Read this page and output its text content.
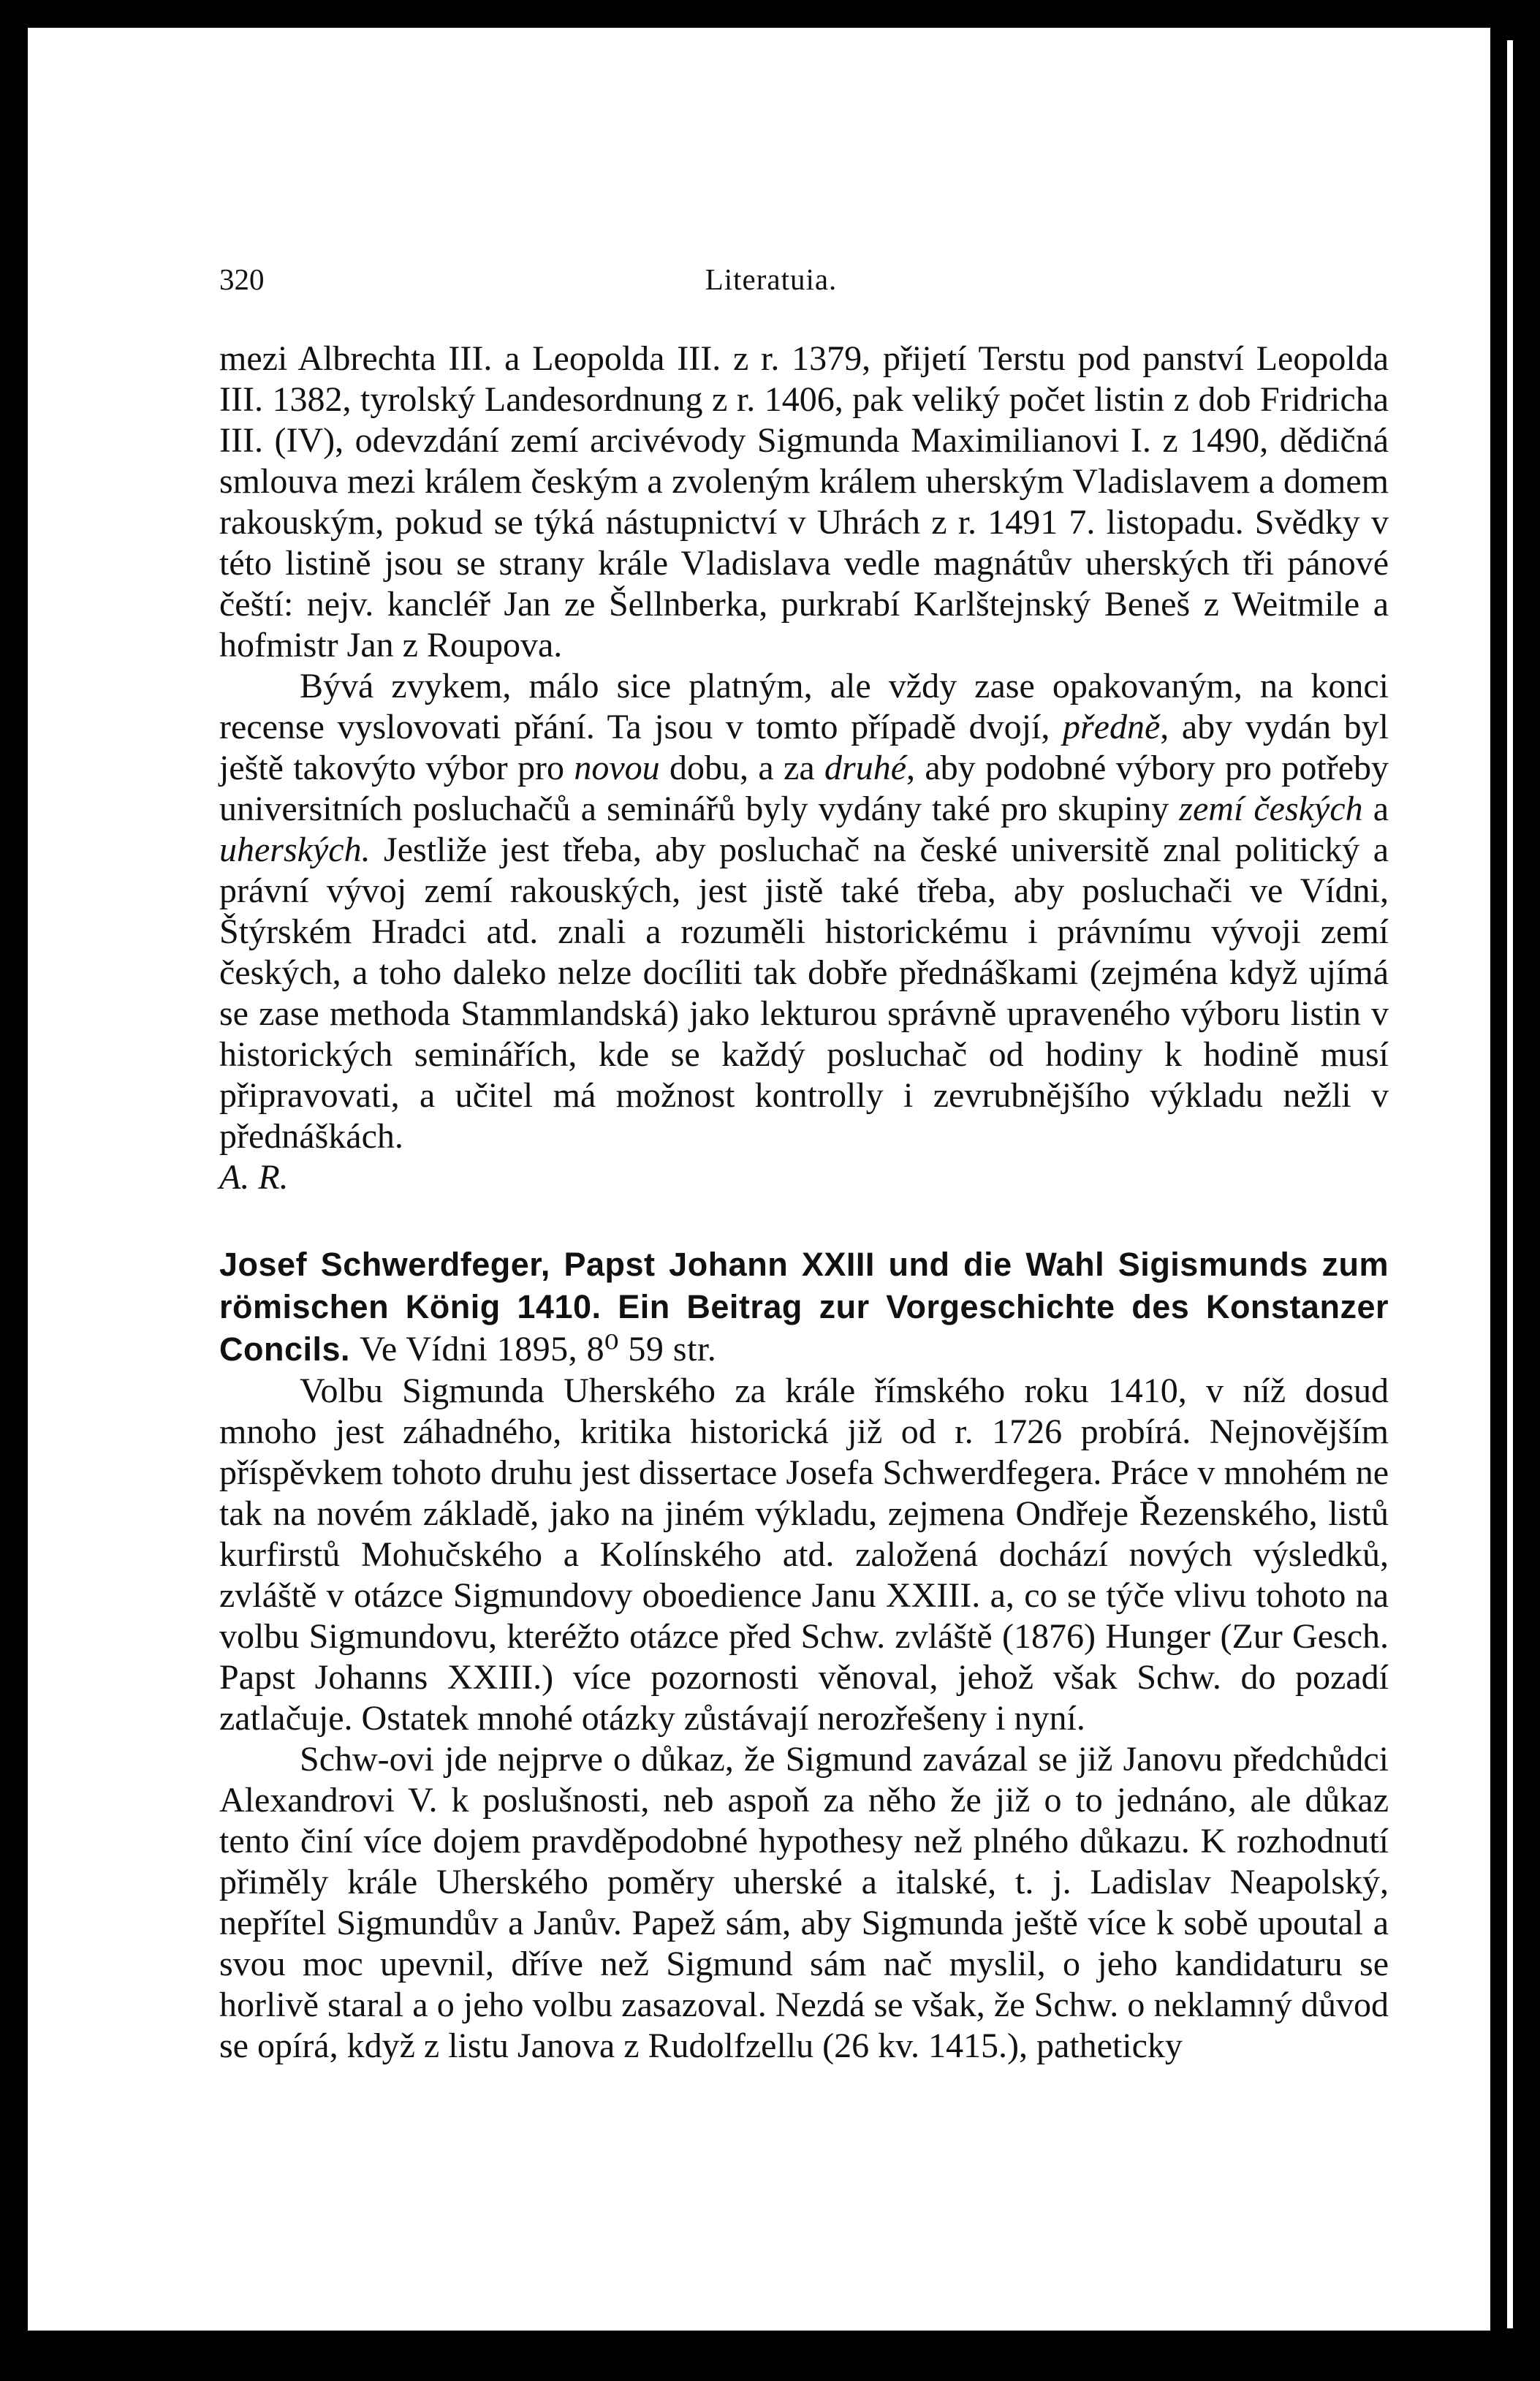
320	Literatuia.

mezi Albrechta III. a Leopolda III. z r. 1379, přijetí Terstu pod panství Leopolda III. 1382, tyrolský Landesordnung z r. 1406, pak veliký počet listin z dob Fridricha III. (IV), odevzdání zemí arcivévody Sigmunda Maximilianovi I. z 1490, dědičná smlouva mezi králem českým a zvoleným králem uherským Vladislavem a domem rakouským, pokud se týká nástupnictví v Uhrách z r. 1491 7. listopadu. Svědky v této listině jsou se strany krále Vladislava vedle magnátův uherských tři pánové čeští: nejv. kancléř Jan ze Šellnberka, purkrabí Karlštejnský Beneš z Weitmile a hofmistr Jan z Roupova.

Bývá zvykem, málo sice platným, ale vždy zase opakovaným, na konci recense vyslovovati přání. Ta jsou v tomto případě dvojí, předně, aby vydán byl ještě takovýto výbor pro novou dobu, a za druhé, aby podobné výbory pro potřeby universitních posluchačů a seminářů byly vydány také pro skupiny zemí českých a uherských. Jestliže jest třeba, aby posluchač na české universitě znal politický a právní vývoj zemí rakouských, jest jistě také třeba, aby posluchači ve Vídni, Štýrském Hradci atd. znali a rozuměli historickému i právnímu vývoji zemí českých, a toho daleko nelze docíliti tak dobře přednáškami (zejména když ujímá se zase methoda Stammlandská) jako lekturou správně upraveného výboru listin v historických seminářích, kde se každý posluchač od hodiny k hodině musí připravovati, a učitel má možnost kontrolly i zevrubnějšího výkladu nežli v přednáškách.

A. R.

Josef Schwerdfeger, Papst Johann XXIII und die Wahl Sigismunds zum römischen König 1410. Ein Beitrag zur Vorgeschichte des Konstanzer Concils. Ve Vídni 1895, 8⁰ 59 str.

Volbu Sigmunda Uherského za krále římského roku 1410, v níž dosud mnoho jest záhadného, kritika historická již od r. 1726 probírá. Nejnovějším příspěvkem tohoto druhu jest dissertace Josefa Schwerdfegera. Práce v mnohém ne tak na novém základě, jako na jiném výkladu, zejmena Ondřeje Řezenského, listů kurfirstů Mohučského a Kolínského atd. založená dochází nových výsledků, zvláště v otázce Sigmundovy oboedience Janu XXIII. a, co se týče vlivu tohoto na volbu Sigmundovu, kteréžto otázce před Schw. zvláště (1876) Hunger (Zur Gesch. Papst Johanns XXIII.) více pozornosti věnoval, jehož však Schw. do pozadí zatlačuje. Ostatek mnohé otázky zůstávají nerozřešeny i nyní.

Schw-ovi jde nejprve o důkaz, že Sigmund zavázal se již Janovu předchůdci Alexandrovi V. k poslušnosti, neb aspoň za něho že již o to jednáno, ale důkaz tento činí více dojem pravděpodobné hypothesy než plného důkazu. K rozhodnutí přiměly krále Uherského poměry uherské a italské, t. j. Ladislav Neapolský, nepřítel Sigmundův a Janův. Papež sám, aby Sigmunda ještě více k sobě upoutal a svou moc upevnil, dříve než Sigmund sám nač myslil, o jeho kandidaturu se horlivě staral a o jeho volbu zasazoval. Nezdá se však, že Schw. o neklamný důvod se opírá, když z listu Janova z Rudolfzellu (26 kv. 1415.), patheticky
